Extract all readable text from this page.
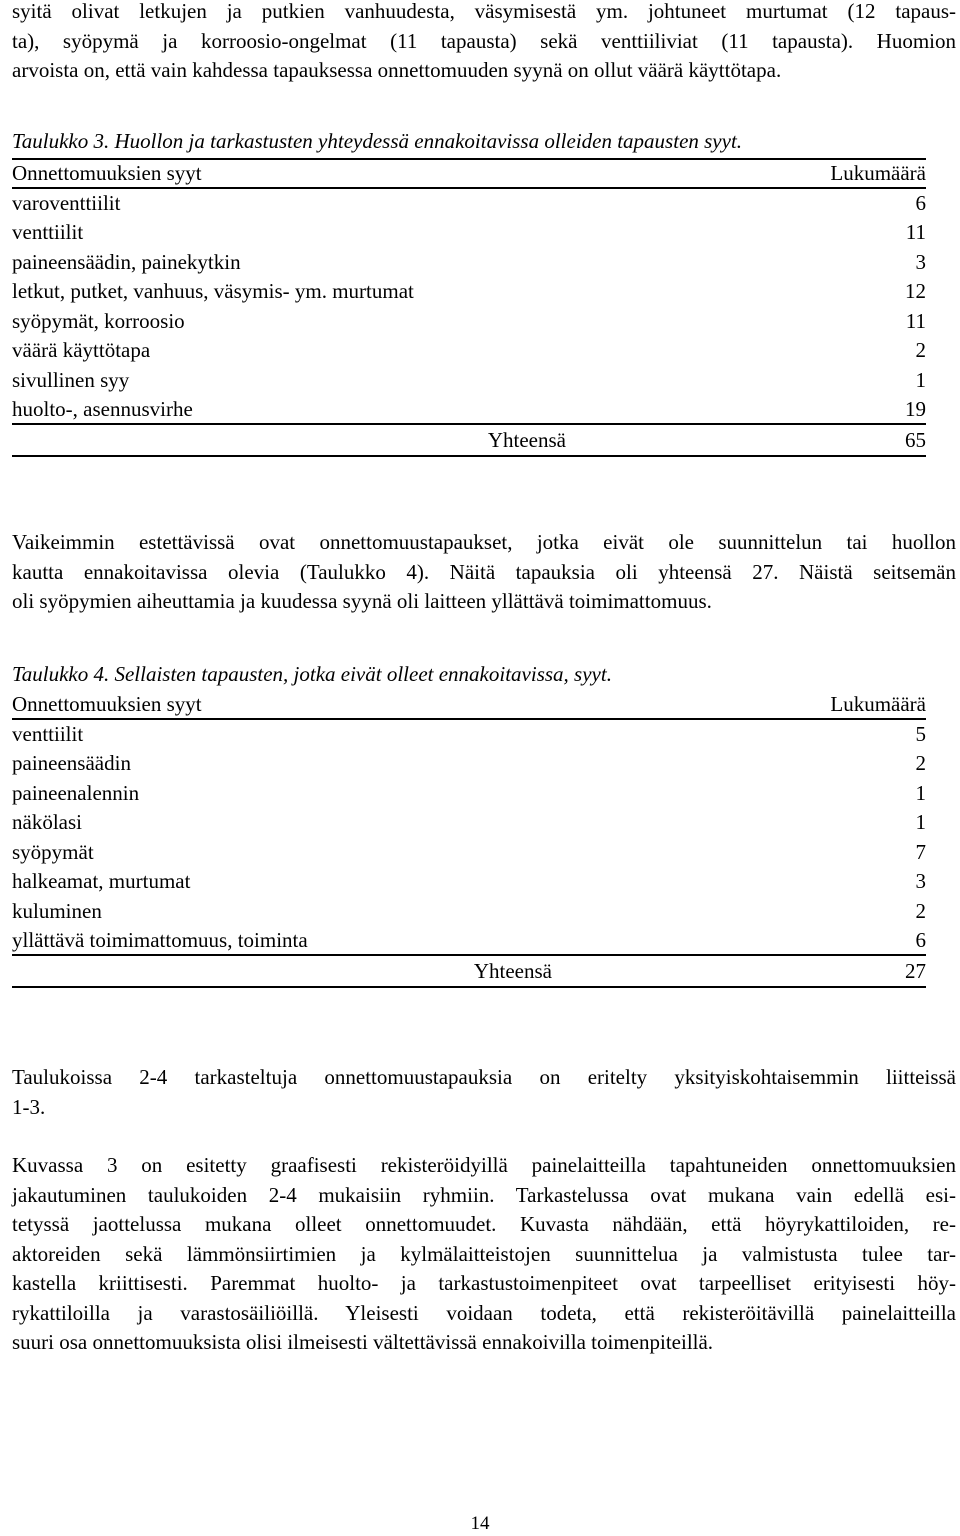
syitä olivat letkujen ja putkien vanhuudesta, väsymisestä ym. johtuneet murtumat (12 tapaus-
ta), syöpymä ja korroosio-ongelmat (11 tapausta) sekä venttiiliviat (11 tapausta). Huomion
arvoista on, että vain kahdessa tapauksessa onnettomuuden syynä on ollut väärä käyttötapa.

Taulukko 3. Huollon ja tarkastusten yhteydessä ennakoitavissa olleiden tapausten syyt.

Onnettomuuksien syyt	Lukumäärä
varoventtiilit	6
venttiilit	11
paineensäädin, painekytkin	3
letkut, putket, vanhuus, väsymis- ym. murtumat	12
syöpymät, korroosio	11
väärä käyttötapa	2
sivullinen syy	1
huolto-, asennusvirhe	19
Yhteensä	65

Vaikeimmin estettävissä ovat onnettomuustapaukset, jotka eivät ole suunnittelun tai huollon
kautta ennakoitavissa olevia (Taulukko 4). Näitä tapauksia oli yhteensä 27. Näistä seitsemän
oli syöpymien aiheuttamia ja kuudessa syynä oli laitteen yllättävä toimimattomuus.

Taulukko 4. Sellaisten tapausten, jotka eivät olleet ennakoitavissa, syyt.

Onnettomuuksien syyt	Lukumäärä
venttiilit	5
paineensäädin	2
paineenalennin	1
näkölasi	1
syöpymät	7
halkeamat, murtumat	3
kuluminen	2
yllättävä toimimattomuus, toiminta	6
Yhteensä	27

Taulukoissa 2-4 tarkasteltuja onnettomuustapauksia on eritelty yksityiskohtaisemmin liitteissä
1-3.

Kuvassa 3 on esitetty graafisesti rekisteröidyillä painelaitteilla tapahtuneiden onnettomuuksien
jakautuminen taulukoiden 2-4 mukaisiin ryhmiin. Tarkastelussa ovat mukana vain edellä esi-
tetyssä jaottelussa mukana olleet onnettomuudet. Kuvasta nähdään, että höyrykattiloiden, re-
aktoreiden sekä lämmönsiirtimien ja kylmälaitteistojen suunnittelua ja valmistusta tulee tar-
kastella kriittisesti. Paremmat huolto- ja tarkastustoimenpiteet ovat tarpeelliset erityisesti höy-
rykattiloilla ja varastosäiliöillä. Yleisesti voidaan todeta, että rekisteröitävillä painelaitteilla
suuri osa onnettomuuksista olisi ilmeisesti vältettävissä ennakoivilla toimenpiteillä.

14
